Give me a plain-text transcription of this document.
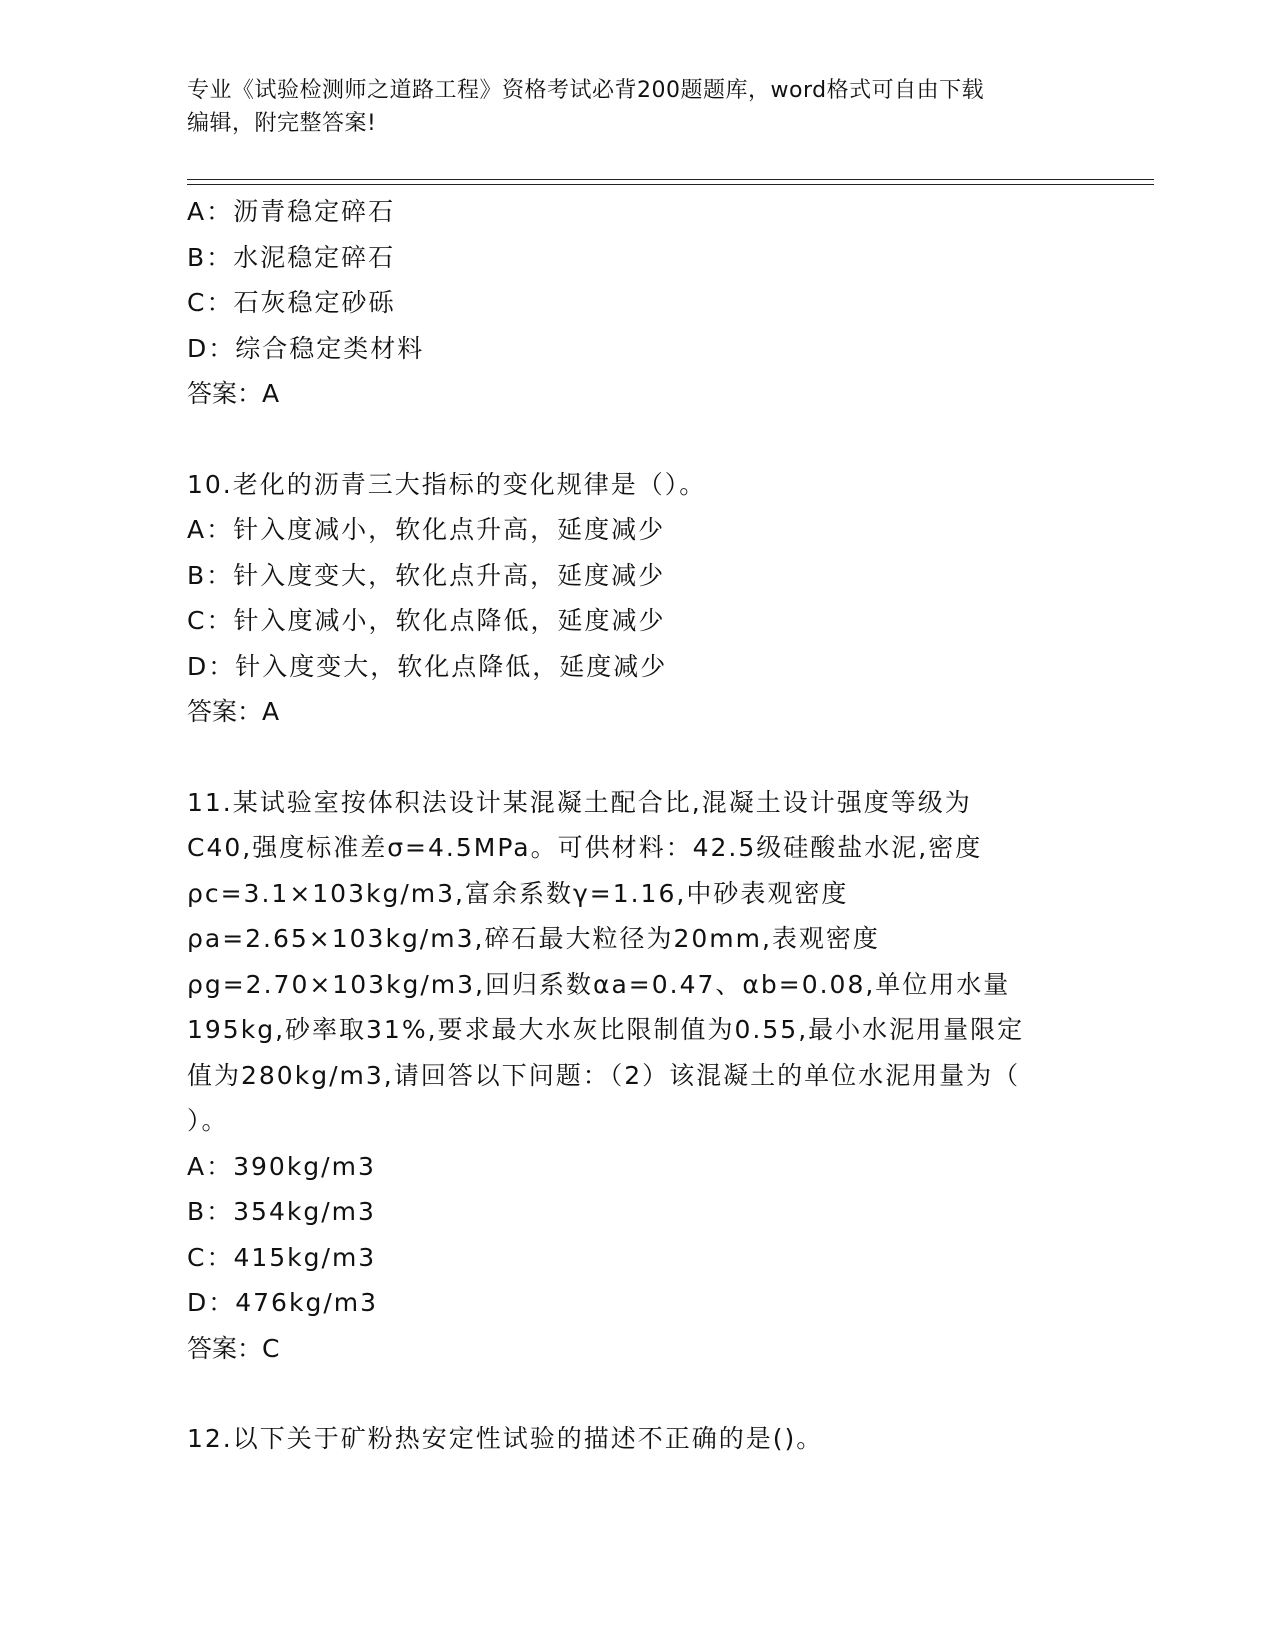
专业《试验检测师之道路工程》资格考试必背200题题库，word格式可自由下载
编辑，附完整答案!
A：沥青稳定碎石
B：水泥稳定碎石
C：石灰稳定砂砾
D：综合稳定类材料
答案：A
10.老化的沥青三大指标的变化规律是（）。
A：针入度减小，软化点升高，延度减少
B：针入度变大，软化点升高，延度减少
C：针入度减小，软化点降低，延度减少
D：针入度变大，软化点降低，延度减少
答案：A
11.某试验室按体积法设计某混凝土配合比,混凝土设计强度等级为
C40,强度标准差σ=4.5MPa。可供材料：42.5级硅酸盐水泥,密度
ρc=3.1×103kg/m3,富余系数γ=1.16,中砂表观密度
ρa=2.65×103kg/m3,碎石最大粒径为20mm,表观密度
ρg=2.70×103kg/m3,回归系数αa=0.47、αb=0.08,单位用水量
195kg,砂率取31%,要求最大水灰比限制值为0.55,最小水泥用量限定
值为280kg/m3,请回答以下问题：（2）该混凝土的单位水泥用量为（
）。
A：390kg/m3
B：354kg/m3
C：415kg/m3
D：476kg/m3
答案：C
12.以下关于矿粉热安定性试验的描述不正确的是()。
